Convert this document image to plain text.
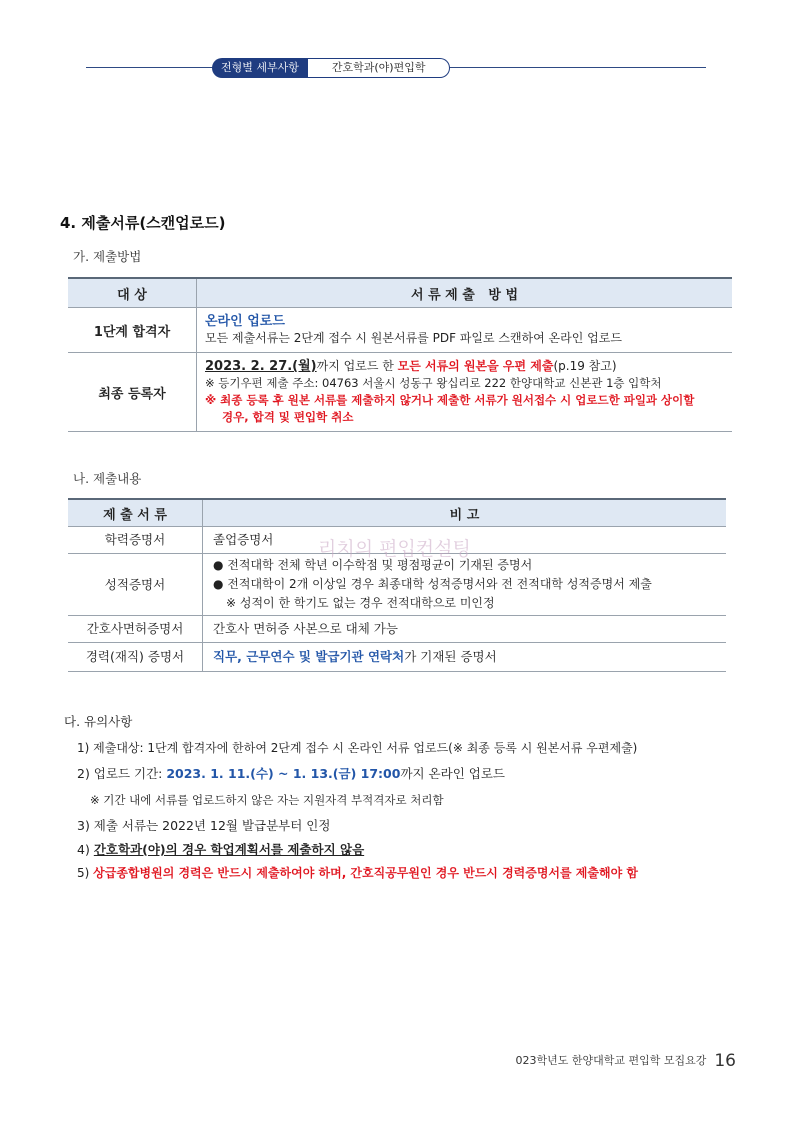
전형별 세부사항	간호학과(야)편입학
4. 제출서류(스캔업로드)
가. 제출방법
대 상	서 류 제 출   방 법
1단계 합격자	온라인 업로드
모든 제출서류는 2단계 접수 시 원본서류를 PDF 파일로 스캔하여 온라인 업로드

최종 등록자	2023. 2. 27.(월)까지 업로드 한 모든 서류의 원본을 우편 제출(p.19 참고)
※ 등기우편 제출 주소: 04763 서울시 성동구 왕십리로 222 한양대학교 신본관 1층 입학처
※ 최종 등록 후 원본 서류를 제출하지 않거나 제출한 서류가 원서접수 시 업로드한 파일과 상이할
경우, 합격 및 편입학 취소
나. 제출내용
제 출 서 류	비 고
학력증명서	졸업증명서
성적증명서	● 전적대학 전체 학년 이수학점 및 평점평균이 기재된 증명서
● 전적대학이 2개 이상일 경우 최종대학 성적증명서와 전 전적대학 성적증명서 제출
※ 성적이 한 학기도 없는 경우 전적대학으로 미인정

간호사면허증명서	간호사 면허증 사본으로 대체 가능
경력(재직) 증명서	직무, 근무연수 및 발급기관 연락처가 기재된 증명서
리치의 편입컨설팅
다. 유의사항
1) 제출대상: 1단계 합격자에 한하여 2단계 접수 시 온라인 서류 업로드(※ 최종 등록 시 원본서류 우편제출)
2) 업로드 기간: 2023. 1. 11.(수) ~ 1. 13.(금) 17:00까지 온라인 업로드
※ 기간 내에 서류를 업로드하지 않은 자는 지원자격 부적격자로 처리함
3) 제출 서류는 2022년 12월 발급분부터 인정
4) 간호학과(야)의 경우 학업계획서를 제출하지 않음
5) 상급종합병원의 경력은 반드시 제출하여야 하며, 간호직공무원인 경우 반드시 경력증명서를 제출해야 함
023학년도 한양대학교 편입학 모집요강 16
